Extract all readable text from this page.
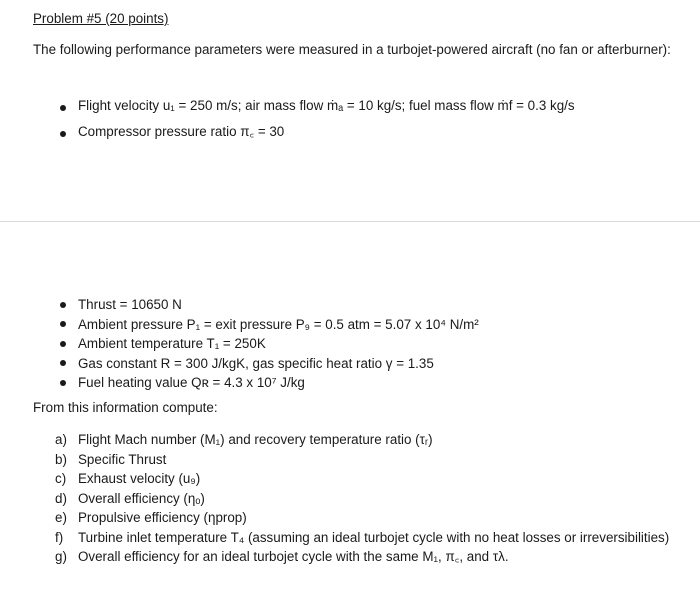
Problem #5 (20 points)
The following performance parameters were measured in a turbojet-powered aircraft (no fan or afterburner):
Flight velocity u₁ = 250 m/s; air mass flow ṁₐ = 10 kg/s; fuel mass flow ṁf = 0.3 kg/s
Compressor pressure ratio π꜀ = 30
Thrust = 10650 N
Ambient pressure P₁ = exit pressure P₉ = 0.5 atm = 5.07 x 10⁴ N/m²
Ambient temperature T₁ = 250K
Gas constant R = 300 J/kgK, gas specific heat ratio γ = 1.35
Fuel heating value Qʀ = 4.3 x 10⁷ J/kg
From this information compute:
a) Flight Mach number (M₁) and recovery temperature ratio (τᵣ)
b) Specific Thrust
c) Exhaust velocity (u₉)
d) Overall efficiency (ηₒ)
e) Propulsive efficiency (ηprop)
f) Turbine inlet temperature T₄ (assuming an ideal turbojet cycle with no heat losses or irreversibilities)
g) Overall efficiency for an ideal turbojet cycle with the same M₁, π꜀, and τλ.
